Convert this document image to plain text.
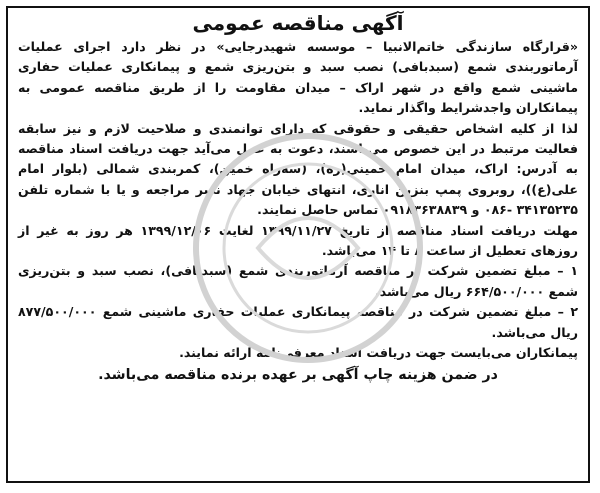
آگهی مناقصه عمومی

«قرارگاه سازندگی خاتم‌الانبیا – موسسه شهیدرجایی» در نظر دارد اجرای عملیات آرماتوربندی شمع (سبدبافی) نصب سبد و بتن‌ریزی شمع و پیمانکاری عملیات حفاری ماشینی شمع واقع در شهر اراک – میدان مقاومت را از طریق مناقصه عمومی به پیمانکاران واجدشرایط واگذار نماید.

لذا از کلیه اشخاص حقیقی و حقوقی که دارای توانمندی و صلاحیت لازم و نیز سابقه فعالیت مرتبط در این خصوص می‌باشند، دعوت به عمل می‌آید جهت دریافت اسناد مناقصه به آدرس: اراک، میدان امام خمینی(ره)، (سه‌راه خمین)، کمربندی شمالی (بلوار امام علی(ع))، روبروی پمپ بنزین اناری، انتهای خیابان جهاد نصر مراجعه و یا با شماره تلفن ۳۴۱۳۵۲۳۵ -۰۸۶ و ۰۹۱۸۳۶۳۸۸۳۹ تماس حاصل نمایند.

مهلت دریافت اسناد مناقصه از تاریخ ۱۳۹۹/۱۱/۲۷ لغایت ۱۳۹۹/۱۲/۰۶ هر روز به غیر از روزهای تعطیل از ساعت ۸ تا ۱۴ می‌باشد.

۱ – مبلغ تضمین شرکت در مناقصه آرماتوربندی شمع (سبدبافی)، نصب سبد و بتن‌ریزی شمع ۶۶۴/۵۰۰/۰۰۰ ریال می‌باشد.

۲ – مبلغ تضمین شرکت در مناقصه پیمانکاری عملیات حفاری ماشینی شمع ۸۷۷/۵۰۰/۰۰۰ ریال می‌باشد.

پیمانکاران می‌بایست جهت دریافت اسناد معرفی‌نامه ارائه نمایند.

در ضمن هزینه چاپ آگهی بر عهده برنده مناقصه می‌باشد.
